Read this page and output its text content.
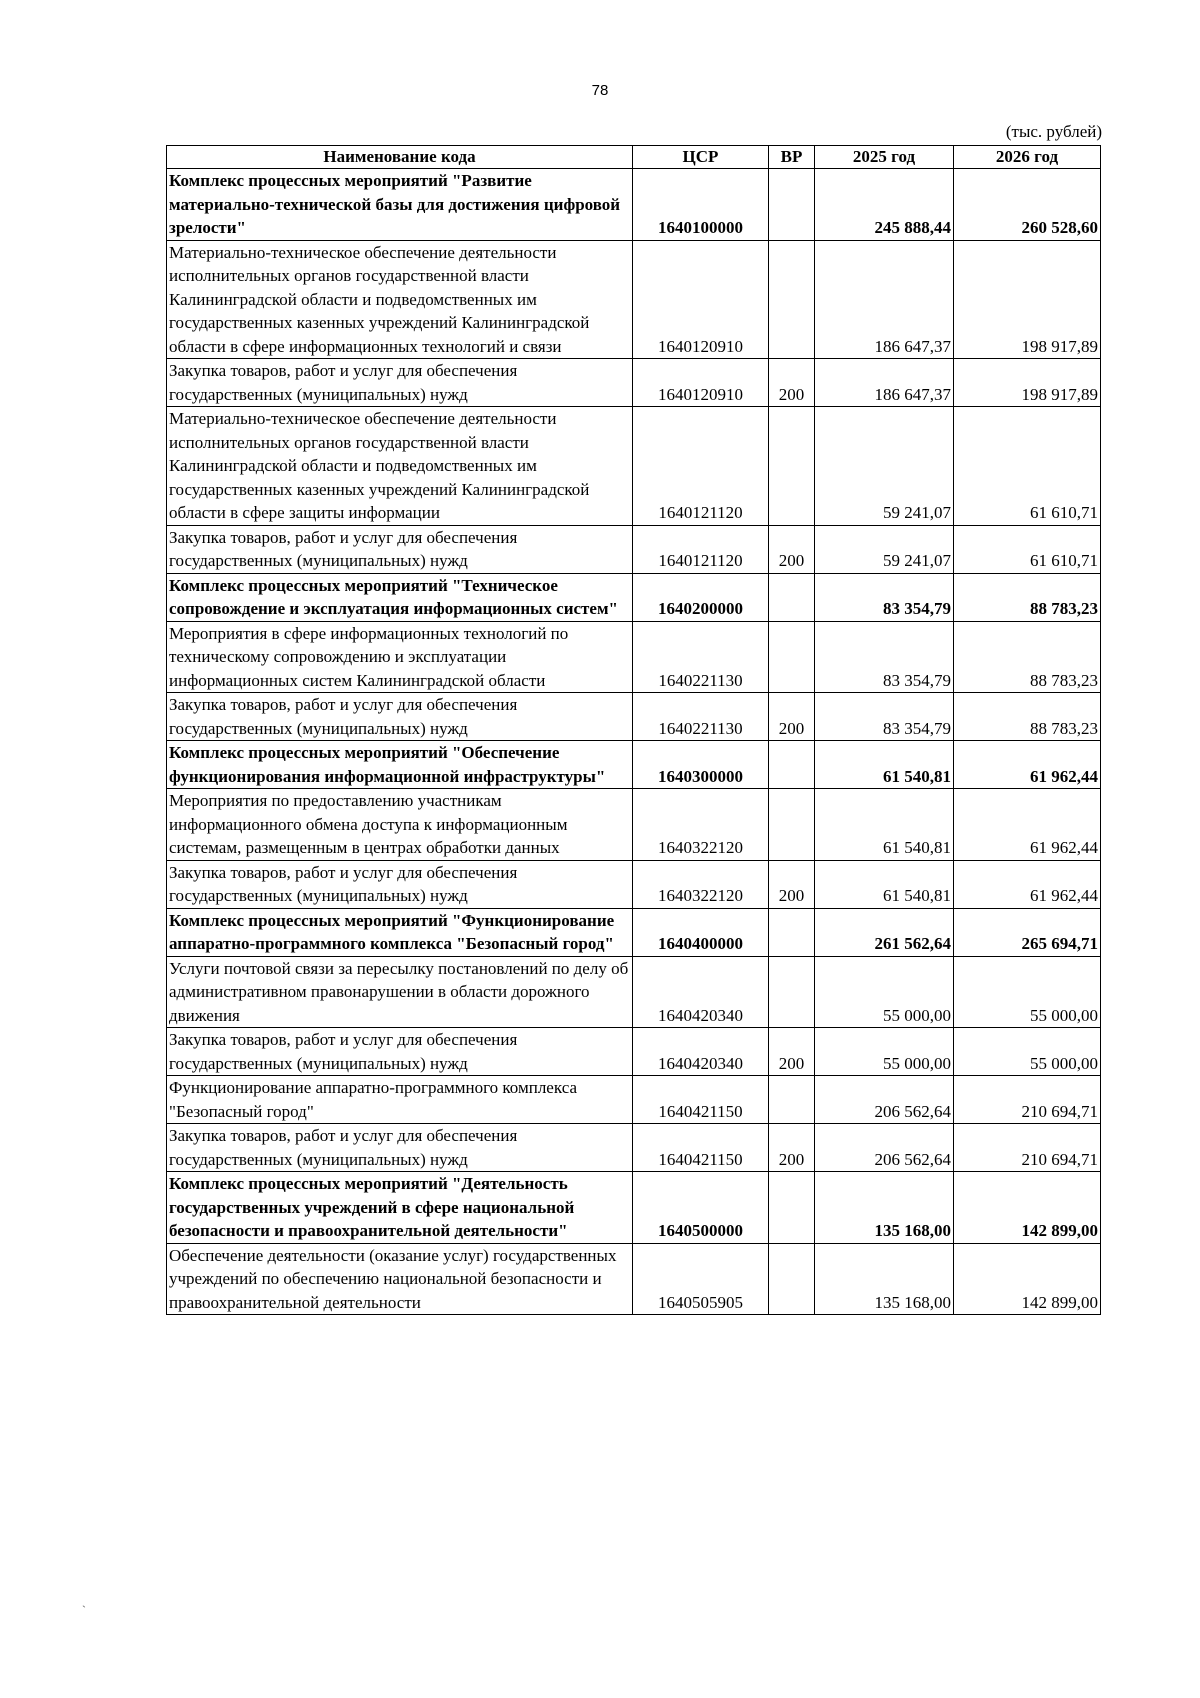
78
(тыс. рублей)
Наименование кода	ЦСР	ВР	2025 год	2026 год
Комплекс процессных мероприятий "Развитие материально-технической базы для достижения цифровой зрелости"	1640100000		245 888,44	260 528,60
Материально-техническое обеспечение деятельности исполнительных органов государственной власти Калининградской области и подведомственных им государственных казенных учреждений Калининградской области в сфере информационных технологий и связи	1640120910		186 647,37	198 917,89
Закупка товаров, работ и услуг для обеспечения государственных (муниципальных) нужд	1640120910	200	186 647,37	198 917,89
Материально-техническое обеспечение деятельности исполнительных органов государственной власти Калининградской области и подведомственных им государственных казенных учреждений Калининградской области в сфере защиты информации	1640121120		59 241,07	61 610,71
Закупка товаров, работ и услуг для обеспечения государственных (муниципальных) нужд	1640121120	200	59 241,07	61 610,71
Комплекс процессных мероприятий "Техническое сопровождение и эксплуатация информационных систем"	1640200000		83 354,79	88 783,23
Мероприятия в сфере информационных технологий по техническому сопровождению и эксплуатации информационных систем Калининградской области	1640221130		83 354,79	88 783,23
Закупка товаров, работ и услуг для обеспечения государственных (муниципальных) нужд	1640221130	200	83 354,79	88 783,23
Комплекс процессных мероприятий "Обеспечение функционирования информационной инфраструктуры"	1640300000		61 540,81	61 962,44
Мероприятия по предоставлению участникам информационного обмена доступа к информационным системам, размещенным в центрах обработки данных	1640322120		61 540,81	61 962,44
Закупка товаров, работ и услуг для обеспечения государственных (муниципальных) нужд	1640322120	200	61 540,81	61 962,44
Комплекс процессных мероприятий "Функционирование аппаратно-программного комплекса "Безопасный город"	1640400000		261 562,64	265 694,71
Услуги почтовой связи за пересылку постановлений по делу об административном правонарушении в области дорожного движения	1640420340		55 000,00	55 000,00
Закупка товаров, работ и услуг для обеспечения государственных (муниципальных) нужд	1640420340	200	55 000,00	55 000,00
Функционирование аппаратно-программного комплекса "Безопасный город"	1640421150		206 562,64	210 694,71
Закупка товаров, работ и услуг для обеспечения государственных (муниципальных) нужд	1640421150	200	206 562,64	210 694,71
Комплекс процессных мероприятий "Деятельность государственных учреждений в сфере национальной безопасности и правоохранительной деятельности"	1640500000		135 168,00	142 899,00
Обеспечение деятельности (оказание услуг) государственных учреждений по обеспечению национальной безопасности и правоохранительной деятельности	1640505905		135 168,00	142 899,00
`
